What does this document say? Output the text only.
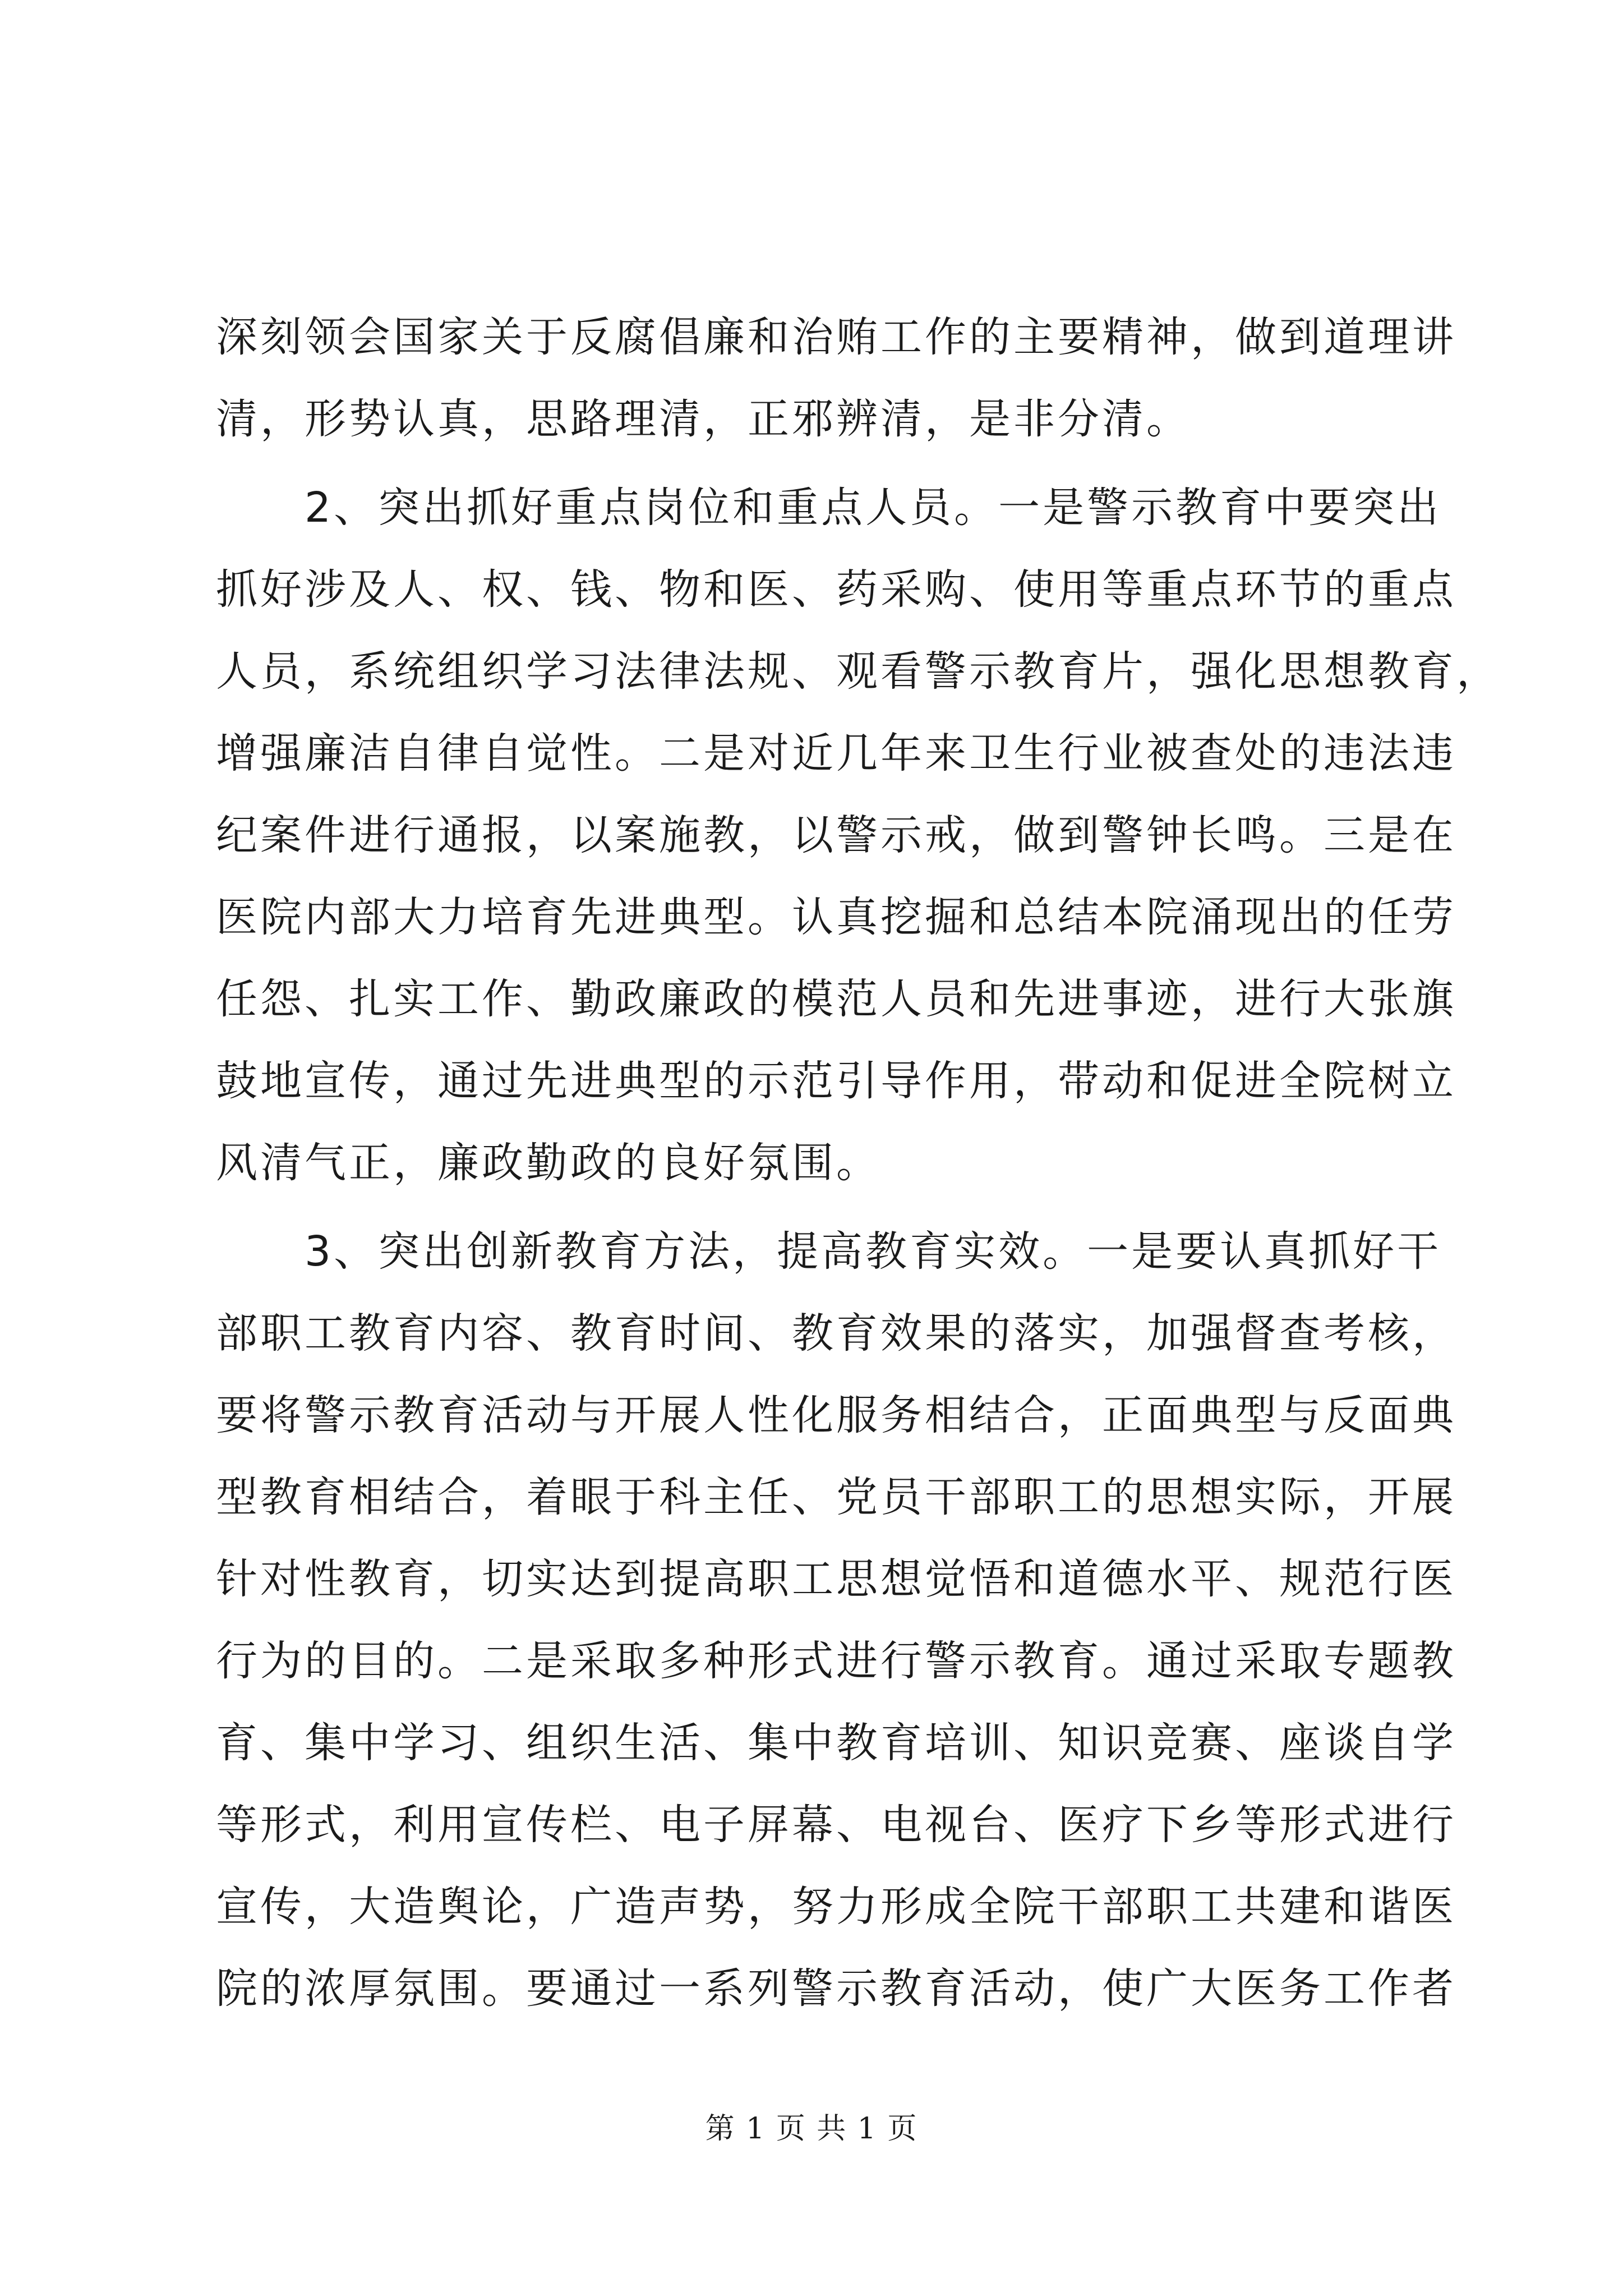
深刻领会国家关于反腐倡廉和治贿工作的主要精神，做到道理讲
清，形势认真，思路理清，正邪辨清，是非分清。
2、突出抓好重点岗位和重点人员。一是警示教育中要突出
抓好涉及人、权、钱、物和医、药采购、使用等重点环节的重点
人员，系统组织学习法律法规、观看警示教育片，强化思想教育，
增强廉洁自律自觉性。二是对近几年来卫生行业被查处的违法违
纪案件进行通报，以案施教，以警示戒，做到警钟长鸣。三是在
医院内部大力培育先进典型。认真挖掘和总结本院涌现出的任劳
任怨、扎实工作、勤政廉政的模范人员和先进事迹，进行大张旗
鼓地宣传，通过先进典型的示范引导作用，带动和促进全院树立
风清气正，廉政勤政的良好氛围。
3、突出创新教育方法，提高教育实效。一是要认真抓好干
部职工教育内容、教育时间、教育效果的落实，加强督查考核，
要将警示教育活动与开展人性化服务相结合，正面典型与反面典
型教育相结合，着眼于科主任、党员干部职工的思想实际，开展
针对性教育，切实达到提高职工思想觉悟和道德水平、规范行医
行为的目的。二是采取多种形式进行警示教育。通过采取专题教
育、集中学习、组织生活、集中教育培训、知识竞赛、座谈自学
等形式，利用宣传栏、电子屏幕、电视台、医疗下乡等形式进行
宣传，大造舆论，广造声势，努力形成全院干部职工共建和谐医
院的浓厚氛围。要通过一系列警示教育活动，使广大医务工作者
第 1 页 共 1 页
